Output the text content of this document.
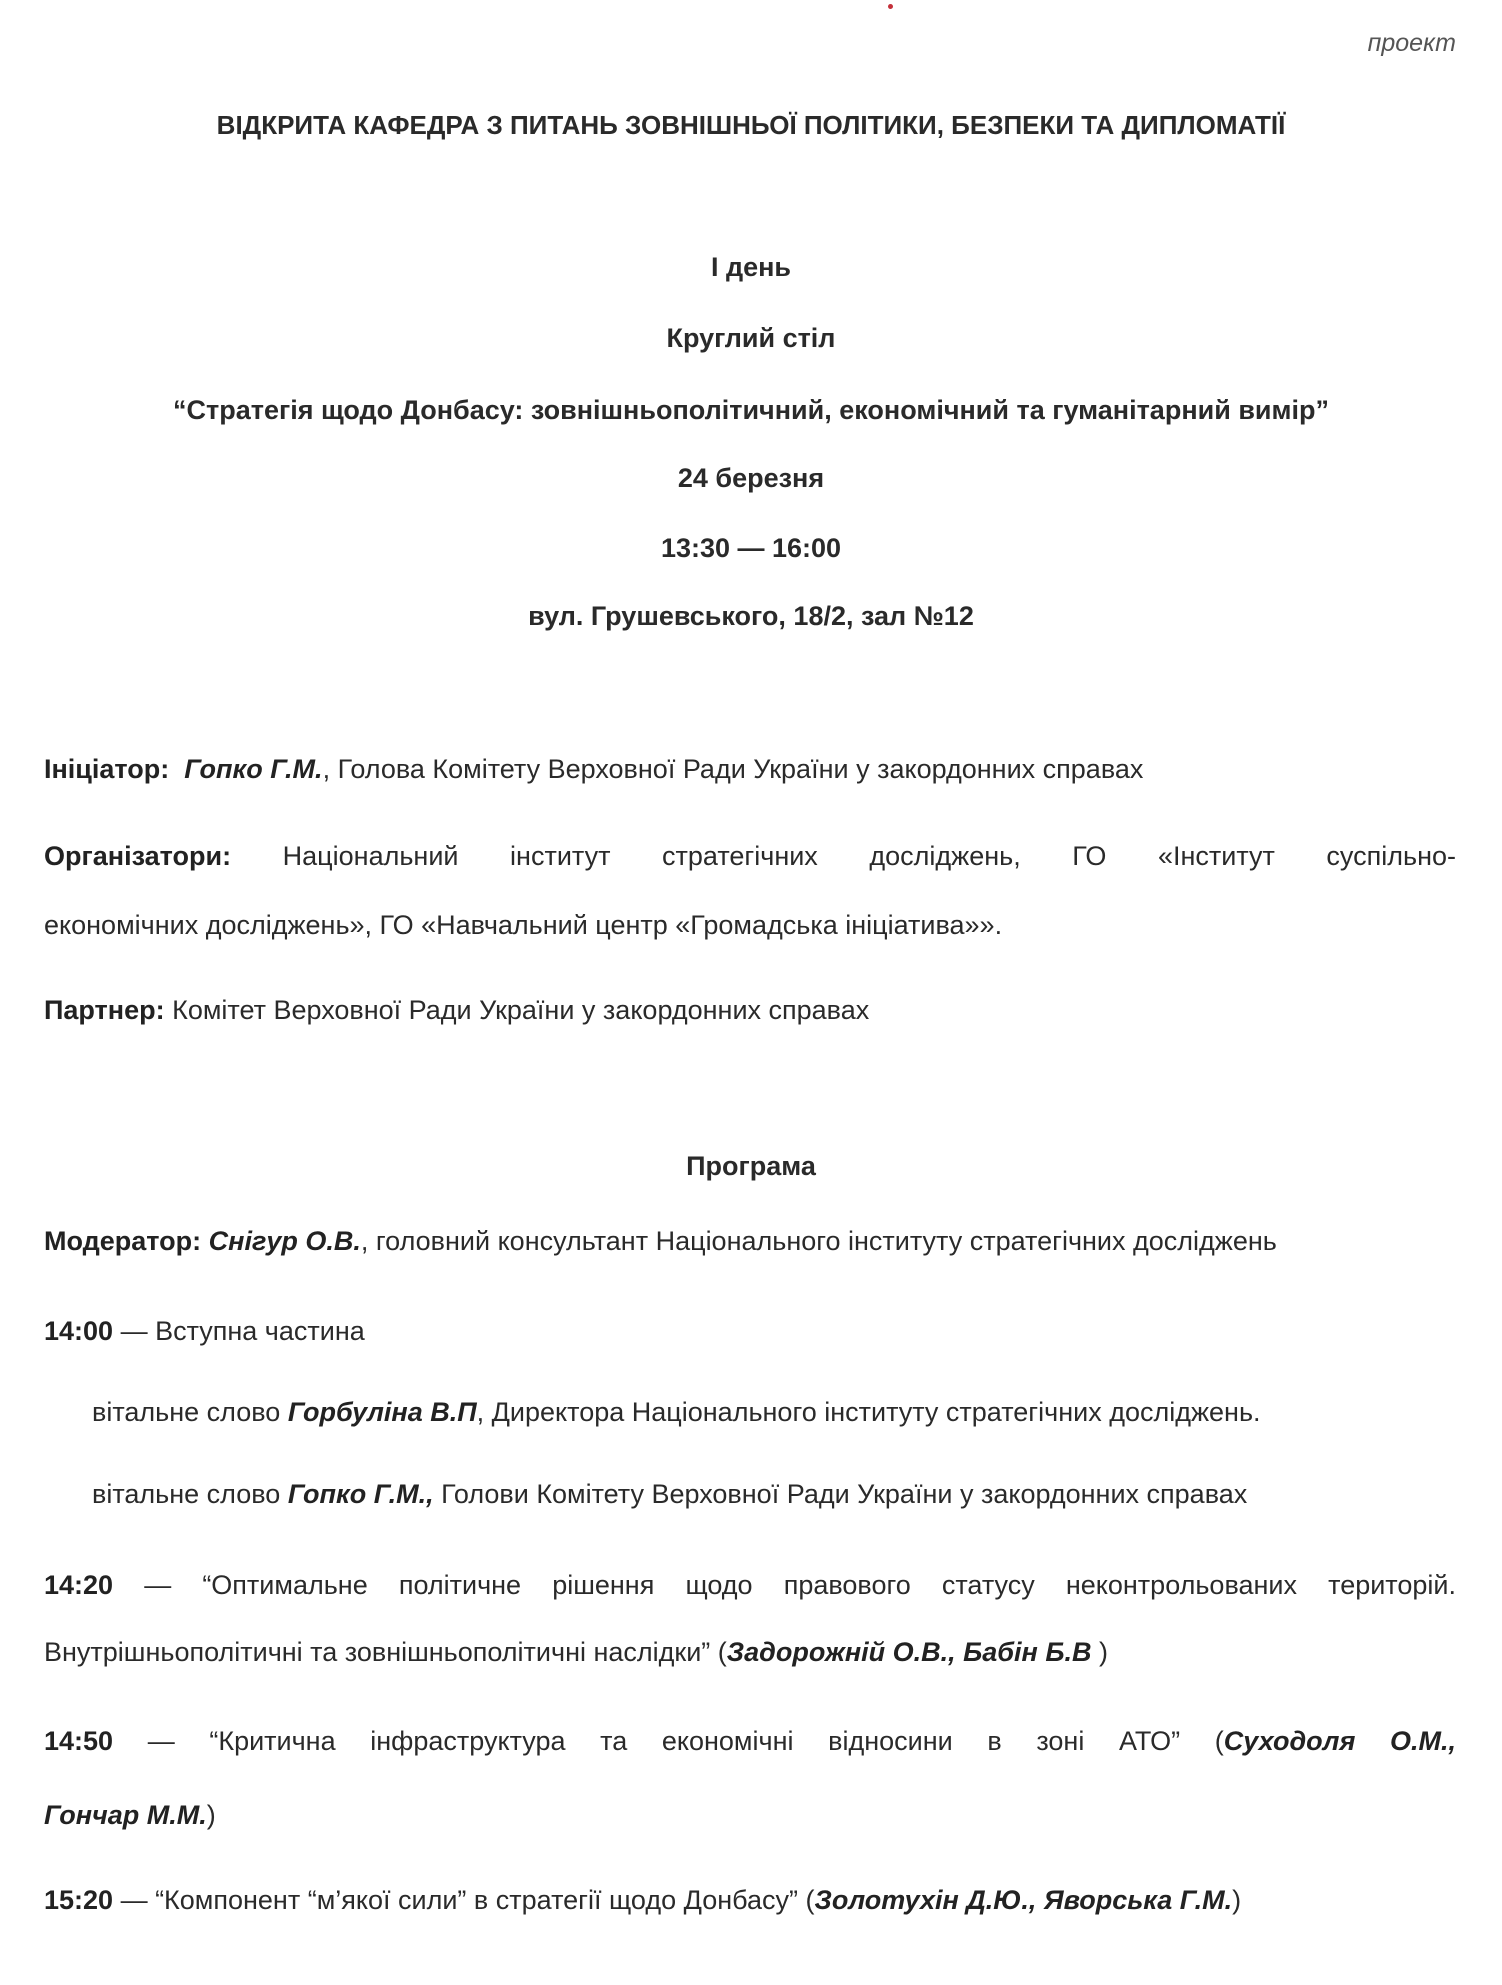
проект
ВІДКРИТА КАФЕДРА З ПИТАНЬ ЗОВНІШНЬОЇ ПОЛІТИКИ, БЕЗПЕКИ ТА ДИПЛОМАТІЇ
І день
Круглий стіл
“Стратегія щодо Донбасу: зовнішньополітичний, економічний та гуманітарний вимір”
24 березня
13:30 — 16:00
вул. Грушевського, 18/2, зал №12
Ініціатор: Гопко Г.М., Голова Комітету Верховної Ради України у закордонних справах
Організатори: Національний інститут стратегічних досліджень, ГО «Інститут суспільно-
економічних досліджень», ГО «Навчальний центр «Громадська ініціатива»».
Партнер: Комітет Верховної Ради України у закордонних справах
Програма
Модератор: Снігур О.В., головний консультант Національного інституту стратегічних досліджень
14:00 — Вступна частина
вітальне слово Горбуліна В.П, Директора Національного інституту стратегічних досліджень.
вітальне слово Гопко Г.М., Голови Комітету Верховної Ради України у закордонних справах
14:20 — “Оптимальне політичне рішення щодо правового статусу неконтрольованих територій.
Внутрішньополітичні та зовнішньополітичні наслідки” (Задорожній О.В., Бабін Б.В )
14:50 — “Критична інфраструктура та економічні відносини в зоні АТО” (Суходоля О.М.,
Гончар М.М.)
15:20 — “Компонент “м’якої сили” в стратегії щодо Донбасу” (Золотухін Д.Ю., Яворська Г.М.)
